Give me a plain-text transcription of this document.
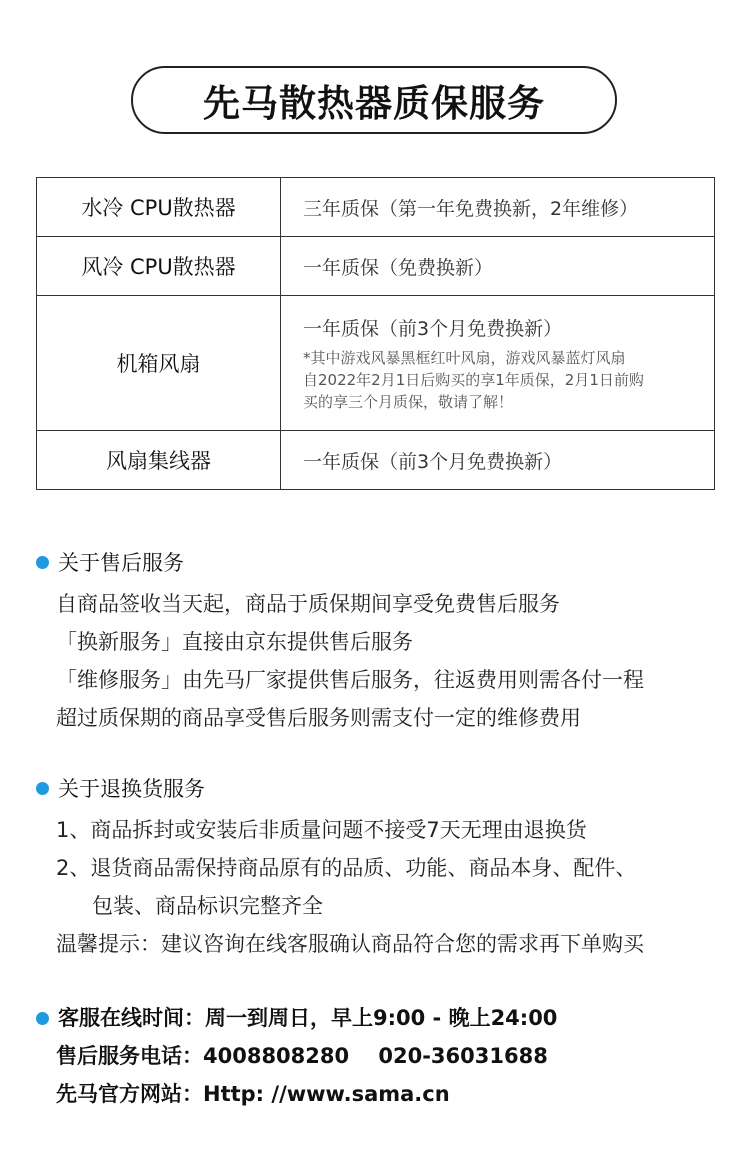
先马散热器质保服务
水冷 CPU散热器	三年质保（第一年免费换新，2年维修）
风冷 CPU散热器	一年质保（免费换新）
机箱风扇	一年质保（前3个月免费换新）
*其中游戏风暴黑框红叶风扇，游戏风暴蓝灯风扇
自2022年2月1日后购买的享1年质保，2月1日前购
买的享三个月质保，敬请了解！

风扇集线器	一年质保（前3个月免费换新）
关于售后服务
自商品签收当天起，商品于质保期间享受免费售后服务
「换新服务」直接由京东提供售后服务
「维修服务」由先马厂家提供售后服务，往返费用则需各付一程
超过质保期的商品享受售后服务则需支付一定的维修费用
关于退换货服务
1、商品拆封或安装后非质量问题不接受7天无理由退换货
2、退货商品需保持商品原有的品质、功能、商品本身、配件、
包装、商品标识完整齐全
温馨提示：建议咨询在线客服确认商品符合您的需求再下单购买
客服在线时间：周一到周日，早上9:00 - 晚上24:00
售后服务电话：4008808280    020-36031688
先马官方网站：Http: //www.sama.cn
